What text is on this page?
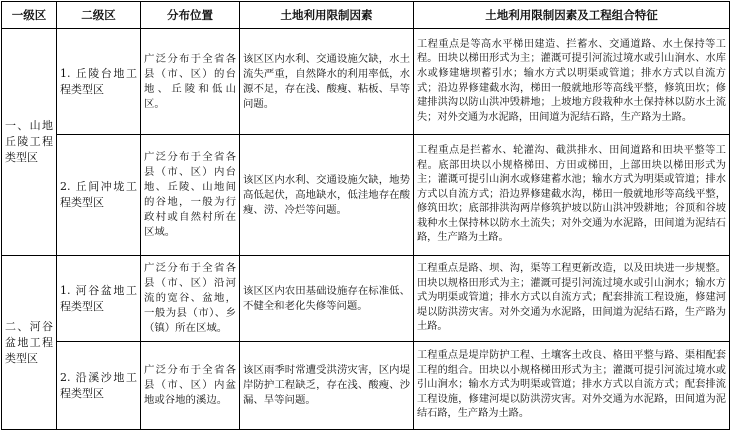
一级区	二级区	分布位置	土地利用限制因素	土地利用限制因素及工程组合特征
一、山地丘陵工程类型区	1. 丘陵台地工程类型区	广泛分布于全省各县（市、区）的台地、丘陵和低山区。	该区区内水利、交通设施欠缺，水土流失严重，自然降水的利用率低，水源不足，存在浅、酸瘦、粘板、旱等问题。	工程重点是等高水平梯田建造、拦蓄水、交通道路、水土保持等工程。田块以梯田形式为主；灌溉可提引河流过境水或引山涧水、水库水或修建塘坝蓄引水；输水方式以明渠或管道；排水方式以自流方式；沿边界修建截水沟，梯田一般就地形等高线平整，修筑田坎；修建排洪沟以防山洪冲毁耕地；上坡地方段栽种水土保持林以防水土流失；对外交通为水泥路，田间道为泥结石路，生产路为土路。
	2. 丘间冲垅工程类型区	广泛分布于全省各县（市、区）内台地、丘陵、山地间的谷地，一般为行政村或自然村所在区域。	该区区内水利、交通设施欠缺，地势高低起伏，高地缺水，低洼地存在酸瘦、涝、冷烂等问题。	工程重点是拦蓄水、轮灌沟、截洪排水、田间道路和田块平整等工程。底部田块以小规格梯田、方田或梯田，上部田块以梯田形式为主；灌溉可提引山涧水或修建蓄水池；输水方式为明渠或管道；排水方式以自流方式；沿边界修建截水沟，梯田一般就地形等高线平整，修筑田坎；底部排洪沟两岸修筑护坡以防山洪冲毁耕地；谷顶和谷坡栽种水土保持林以防水土流失；对外交通为水泥路，田间道为泥结石路，生产路为土路。
二、河谷盆地工程类型区	1. 河谷盆地工程类型区	广泛分布于全省各县（市、区）沿河流的宽谷、盆地，一般为县（市）、乡（镇）所在区域。	该区区内农田基础设施存在标准低、不健全和老化失修等问题。	工程重点是路、坝、沟，渠等工程更新改造，以及田块进一步规整。田块以规格田形式为主；灌溉可提引河流过境水或引山涧水；输水方式为明渠或管道；排水方式以自流方式；配套排流工程设施，修建河堤以防洪涝灾害。对外交通为水泥路，田间道为泥结石路，生产路为土路。
	2. 沿溪沙地工程类型区	广泛分布于全省各县（市、区）内盆地或谷地的溪边。	该区雨季时常遭受洪涝灾害，区内堤岸防护工程缺乏，存在浅、酸瘦、沙漏、旱等问题。	工程重点是堤岸防护工程、土壤客土改良、格田平整与路、渠相配套工程的组合。田块以小规格梯田形式为主；灌溉可提引河流过境水或引山涧水；输水方式为明渠或管道；排水方式以自流方式；配套排流工程设施，修建河堤以防洪涝灾害。对外交通为水泥路，田间道为泥结石路，生产路为土路。
